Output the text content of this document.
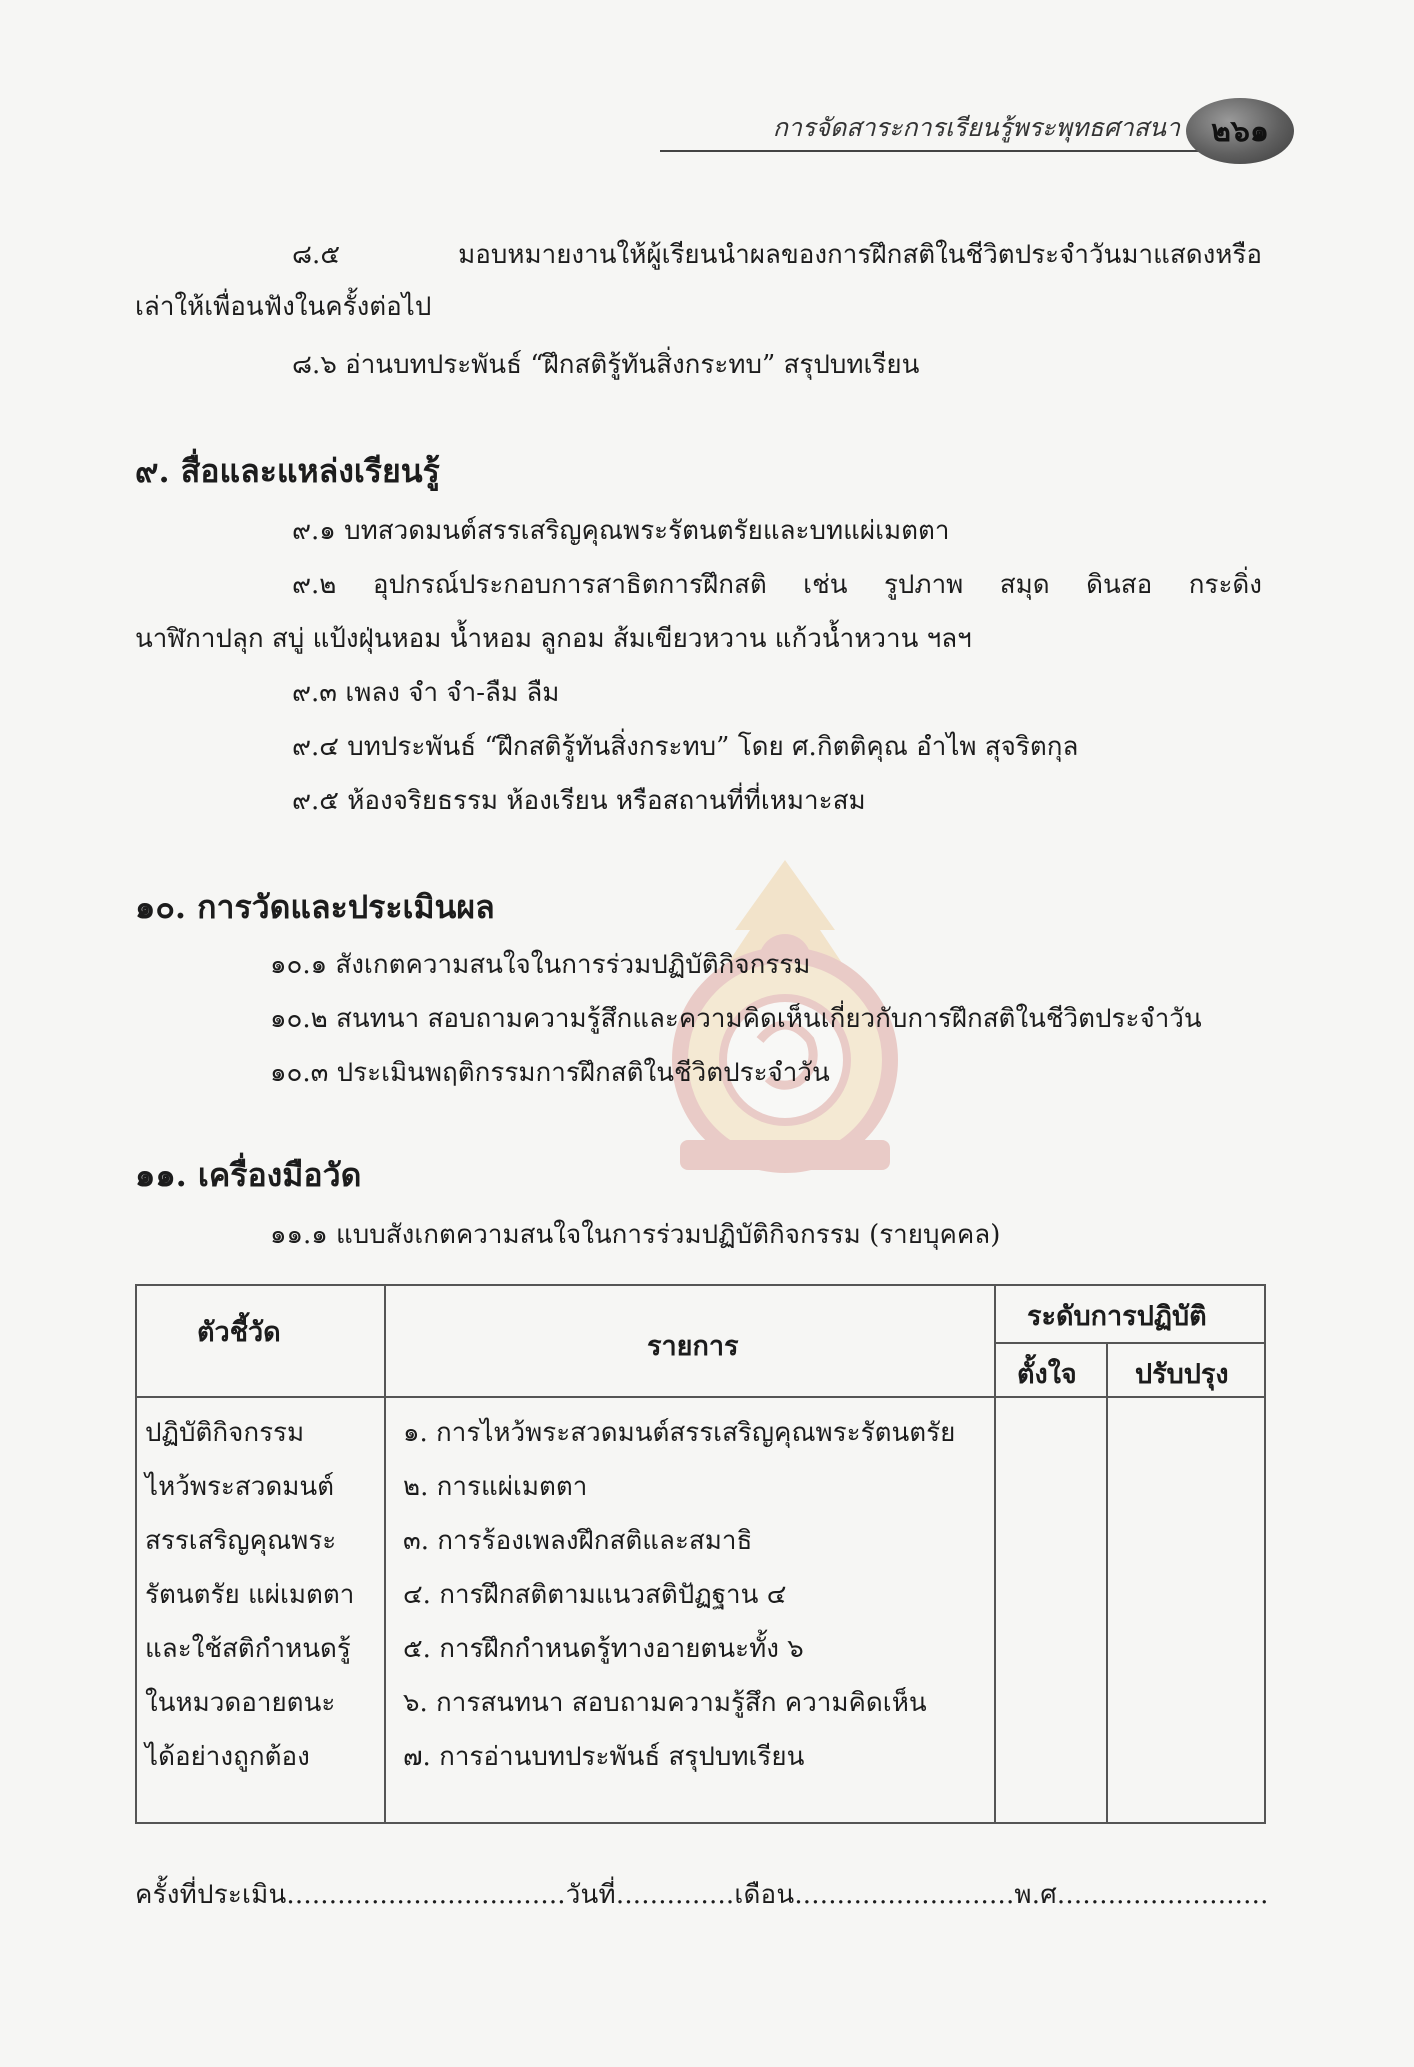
การจัดสาระการเรียนรู้พระพุทธศาสนา	๒๖๑
๘.๕ มอบหมายงานให้ผู้เรียนนำผลของการฝึกสติในชีวิตประจำวันมาแสดงหรือ
เล่าให้เพื่อนฟังในครั้งต่อไป
๘.๖ อ่านบทประพันธ์ “ฝึกสติรู้ทันสิ่งกระทบ” สรุปบทเรียน
๙. สื่อและแหล่งเรียนรู้
๙.๑ บทสวดมนต์สรรเสริญคุณพระรัตนตรัยและบทแผ่เมตตา
๙.๒ อุปกรณ์ประกอบการสาธิตการฝึกสติ เช่น รูปภาพ สมุด ดินสอ กระดิ่ง
นาฬิกาปลุก สบู่ แป้งฝุ่นหอม น้ำหอม ลูกอม ส้มเขียวหวาน แก้วน้ำหวาน ฯลฯ
๙.๓ เพลง จำ จำ-ลืม ลืม
๙.๔ บทประพันธ์ “ฝึกสติรู้ทันสิ่งกระทบ” โดย ศ.กิตติคุณ อำไพ สุจริตกุล
๙.๕ ห้องจริยธรรม ห้องเรียน หรือสถานที่ที่เหมาะสม
๑๐. การวัดและประเมินผล
๑๐.๑ สังเกตความสนใจในการร่วมปฏิบัติกิจกรรม
๑๐.๒ สนทนา สอบถามความรู้สึกและความคิดเห็นเกี่ยวกับการฝึกสติในชีวิตประจำวัน
๑๐.๓ ประเมินพฤติกรรมการฝึกสติในชีวิตประจำวัน
๑๑. เครื่องมือวัด
๑๑.๑ แบบสังเกตความสนใจในการร่วมปฏิบัติกิจกรรม (รายบุคคล)
ตัวชี้วัด	รายการ
ระดับการปฏิบัติ
ตั้งใจ ปรับปรุง
ปฏิบัติกิจกรรม
ไหว้พระสวดมนต์
สรรเสริญคุณพระ
รัตนตรัย แผ่เมตตา
และใช้สติกำหนดรู้
ในหมวดอายตนะ
ได้อย่างถูกต้อง
๑. การไหว้พระสวดมนต์สรรเสริญคุณพระรัตนตรัย
๒. การแผ่เมตตา
๓. การร้องเพลงฝึกสติและสมาธิ
๔. การฝึกสติตามแนวสติปัฏฐาน ๔
๕. การฝึกกำหนดรู้ทางอายตนะทั้ง ๖
๖. การสนทนา สอบถามความรู้สึก ความคิดเห็น
๗. การอ่านบทประพันธ์ สรุปบทเรียน
ครั้งที่ประเมิน.................................วันที่..............เดือน..........................พ.ศ.........................
